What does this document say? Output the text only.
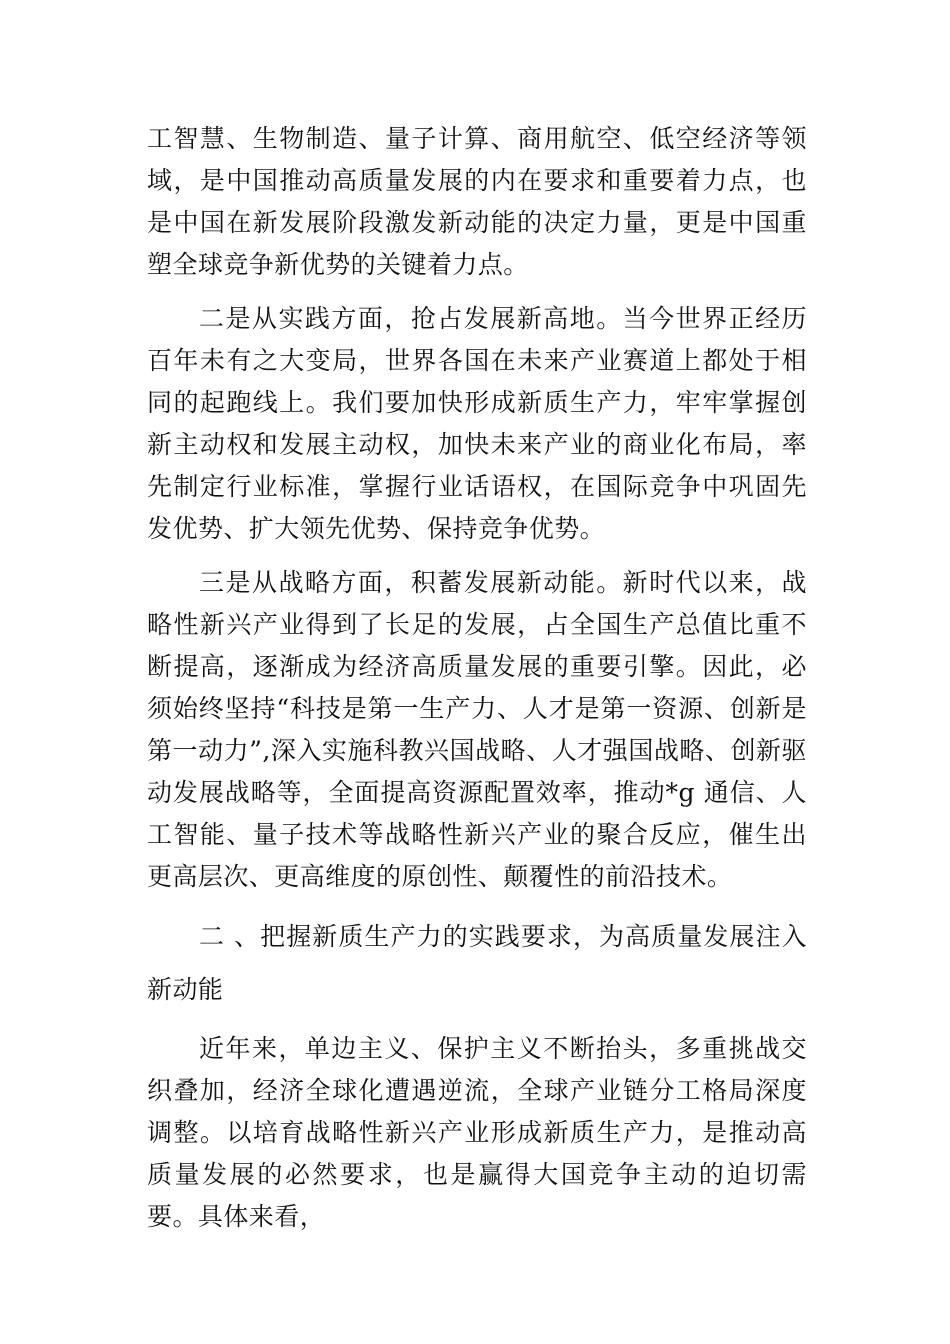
工智慧、生物制造、量子计算、商用航空、低空经济等领域，是中国推动高质量发展的内在要求和重要着力点，也是中国在新发展阶段激发新动能的决定力量，更是中国重塑全球竞争新优势的关键着力点。

二是从实践方面，抢占发展新高地。当今世界正经历百年未有之大变局，世界各国在未来产业赛道上都处于相同的起跑线上。我们要加快形成新质生产力，牢牢掌握创新主动权和发展主动权，加快未来产业的商业化布局，率先制定行业标准，掌握行业话语权，在国际竞争中巩固先发优势、扩大领先优势、保持竞争优势。

三是从战略方面，积蓄发展新动能。新时代以来，战略性新兴产业得到了长足的发展，占全国生产总值比重不断提高，逐渐成为经济高质量发展的重要引擎。因此，必须始终坚持“科技是第一生产力、人才是第一资源、创新是第一动力”,深入实施科教兴国战略、人才强国战略、创新驱动发展战略等，全面提高资源配置效率，推动*g 通信、人工智能、量子技术等战略性新兴产业的聚合反应，催生出更高层次、更高维度的原创性、颠覆性的前沿技术。

二 、把握新质生产力的实践要求，为高质量发展注入新动能

近年来，单边主义、保护主义不断抬头，多重挑战交织叠加，经济全球化遭遇逆流，全球产业链分工格局深度调整。以培育战略性新兴产业形成新质生产力，是推动高质量发展的必然要求，也是赢得大国竞争主动的迫切需要。具体来看，
